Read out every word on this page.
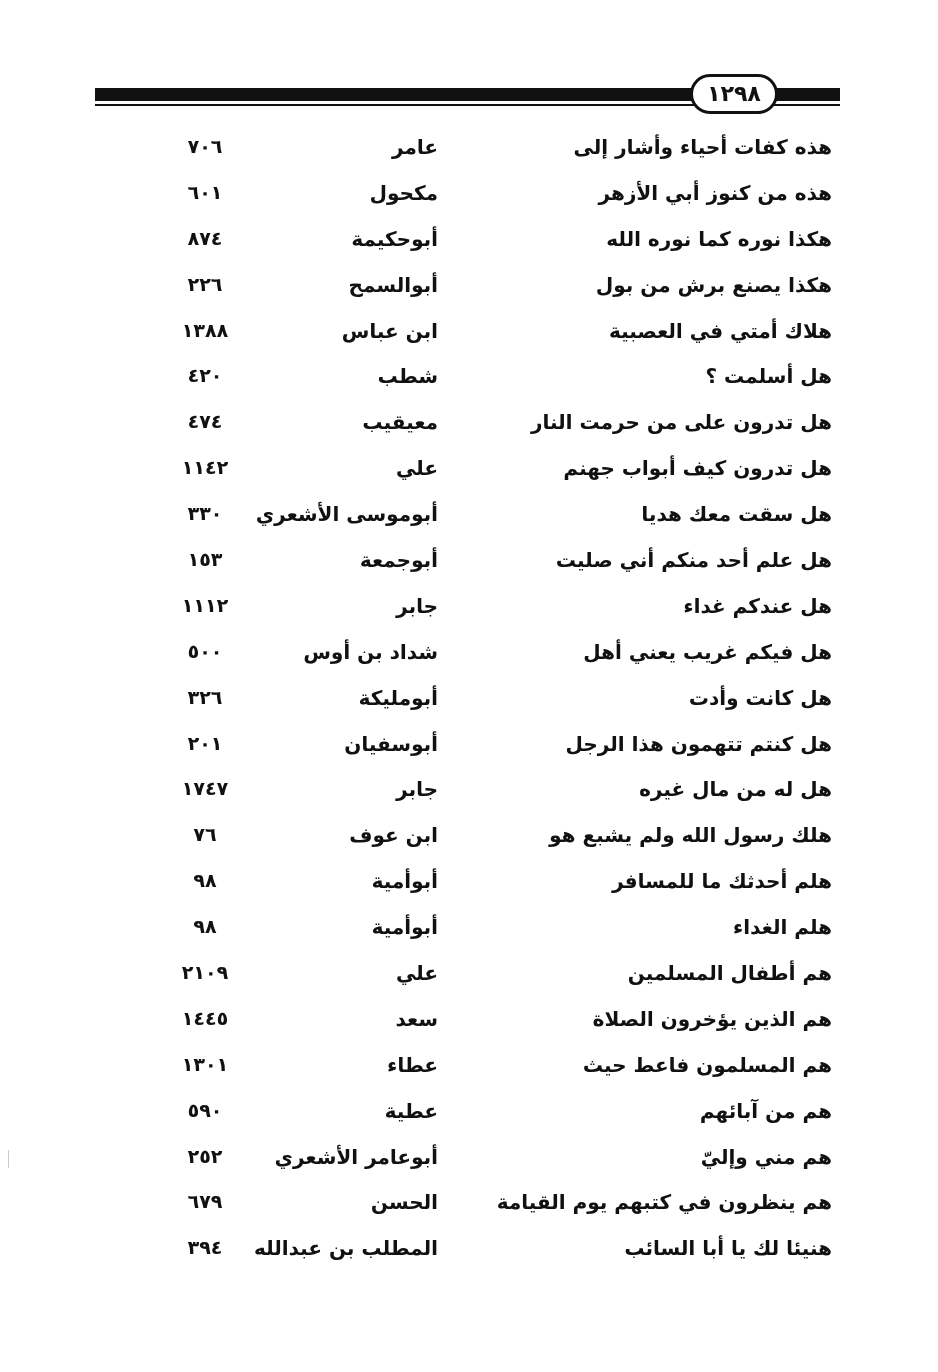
١٢٩٨
هذه كفات أحياء وأشار إلى
عامر
٧٠٦
هذه من كنوز أبي الأزهر
مكحول
٦٠١
هكذا نوره كما نوره الله
أبوحكيمة
٨٧٤
هكذا يصنع برش من بول
أبوالسمح
٢٢٦
هلاك أمتي في العصبية
ابن عباس
١٣٨٨
هل أسلمت ؟
شطب
٤٢٠
هل تدرون على من حرمت النار
معيقيب
٤٧٤
هل تدرون كيف أبواب جهنم
علي
١١٤٢
هل سقت معك هديا
أبوموسى الأشعري
٣٣٠
هل علم أحد منكم أني صليت
أبوجمعة
١٥٣
هل عندكم غداء
جابر
١١١٢
هل فيكم غريب يعني أهل
شداد بن أوس
٥٠٠
هل كانت وأدت
أبومليكة
٣٢٦
هل كنتم تتهمون هذا الرجل
أبوسفيان
٢٠١
هل له من مال غيره
جابر
١٧٤٧
هلك رسول الله ولم يشبع هو
ابن عوف
٧٦
هلم أحدثك ما للمسافر
أبوأمية
٩٨
هلم الغداء
أبوأمية
٩٨
هم أطفال المسلمين
علي
٢١٠٩
هم الذين يؤخرون الصلاة
سعد
١٤٤٥
هم المسلمون فاعط حيث
عطاء
١٣٠١
هم من آبائهم
عطية
٥٩٠
هم مني وإليّ
أبوعامر الأشعري
٢٥٢
هم ينظرون في كتبهم يوم القيامة
الحسن
٦٧٩
هنيئا لك يا أبا السائب
المطلب بن عبدالله
٣٩٤
